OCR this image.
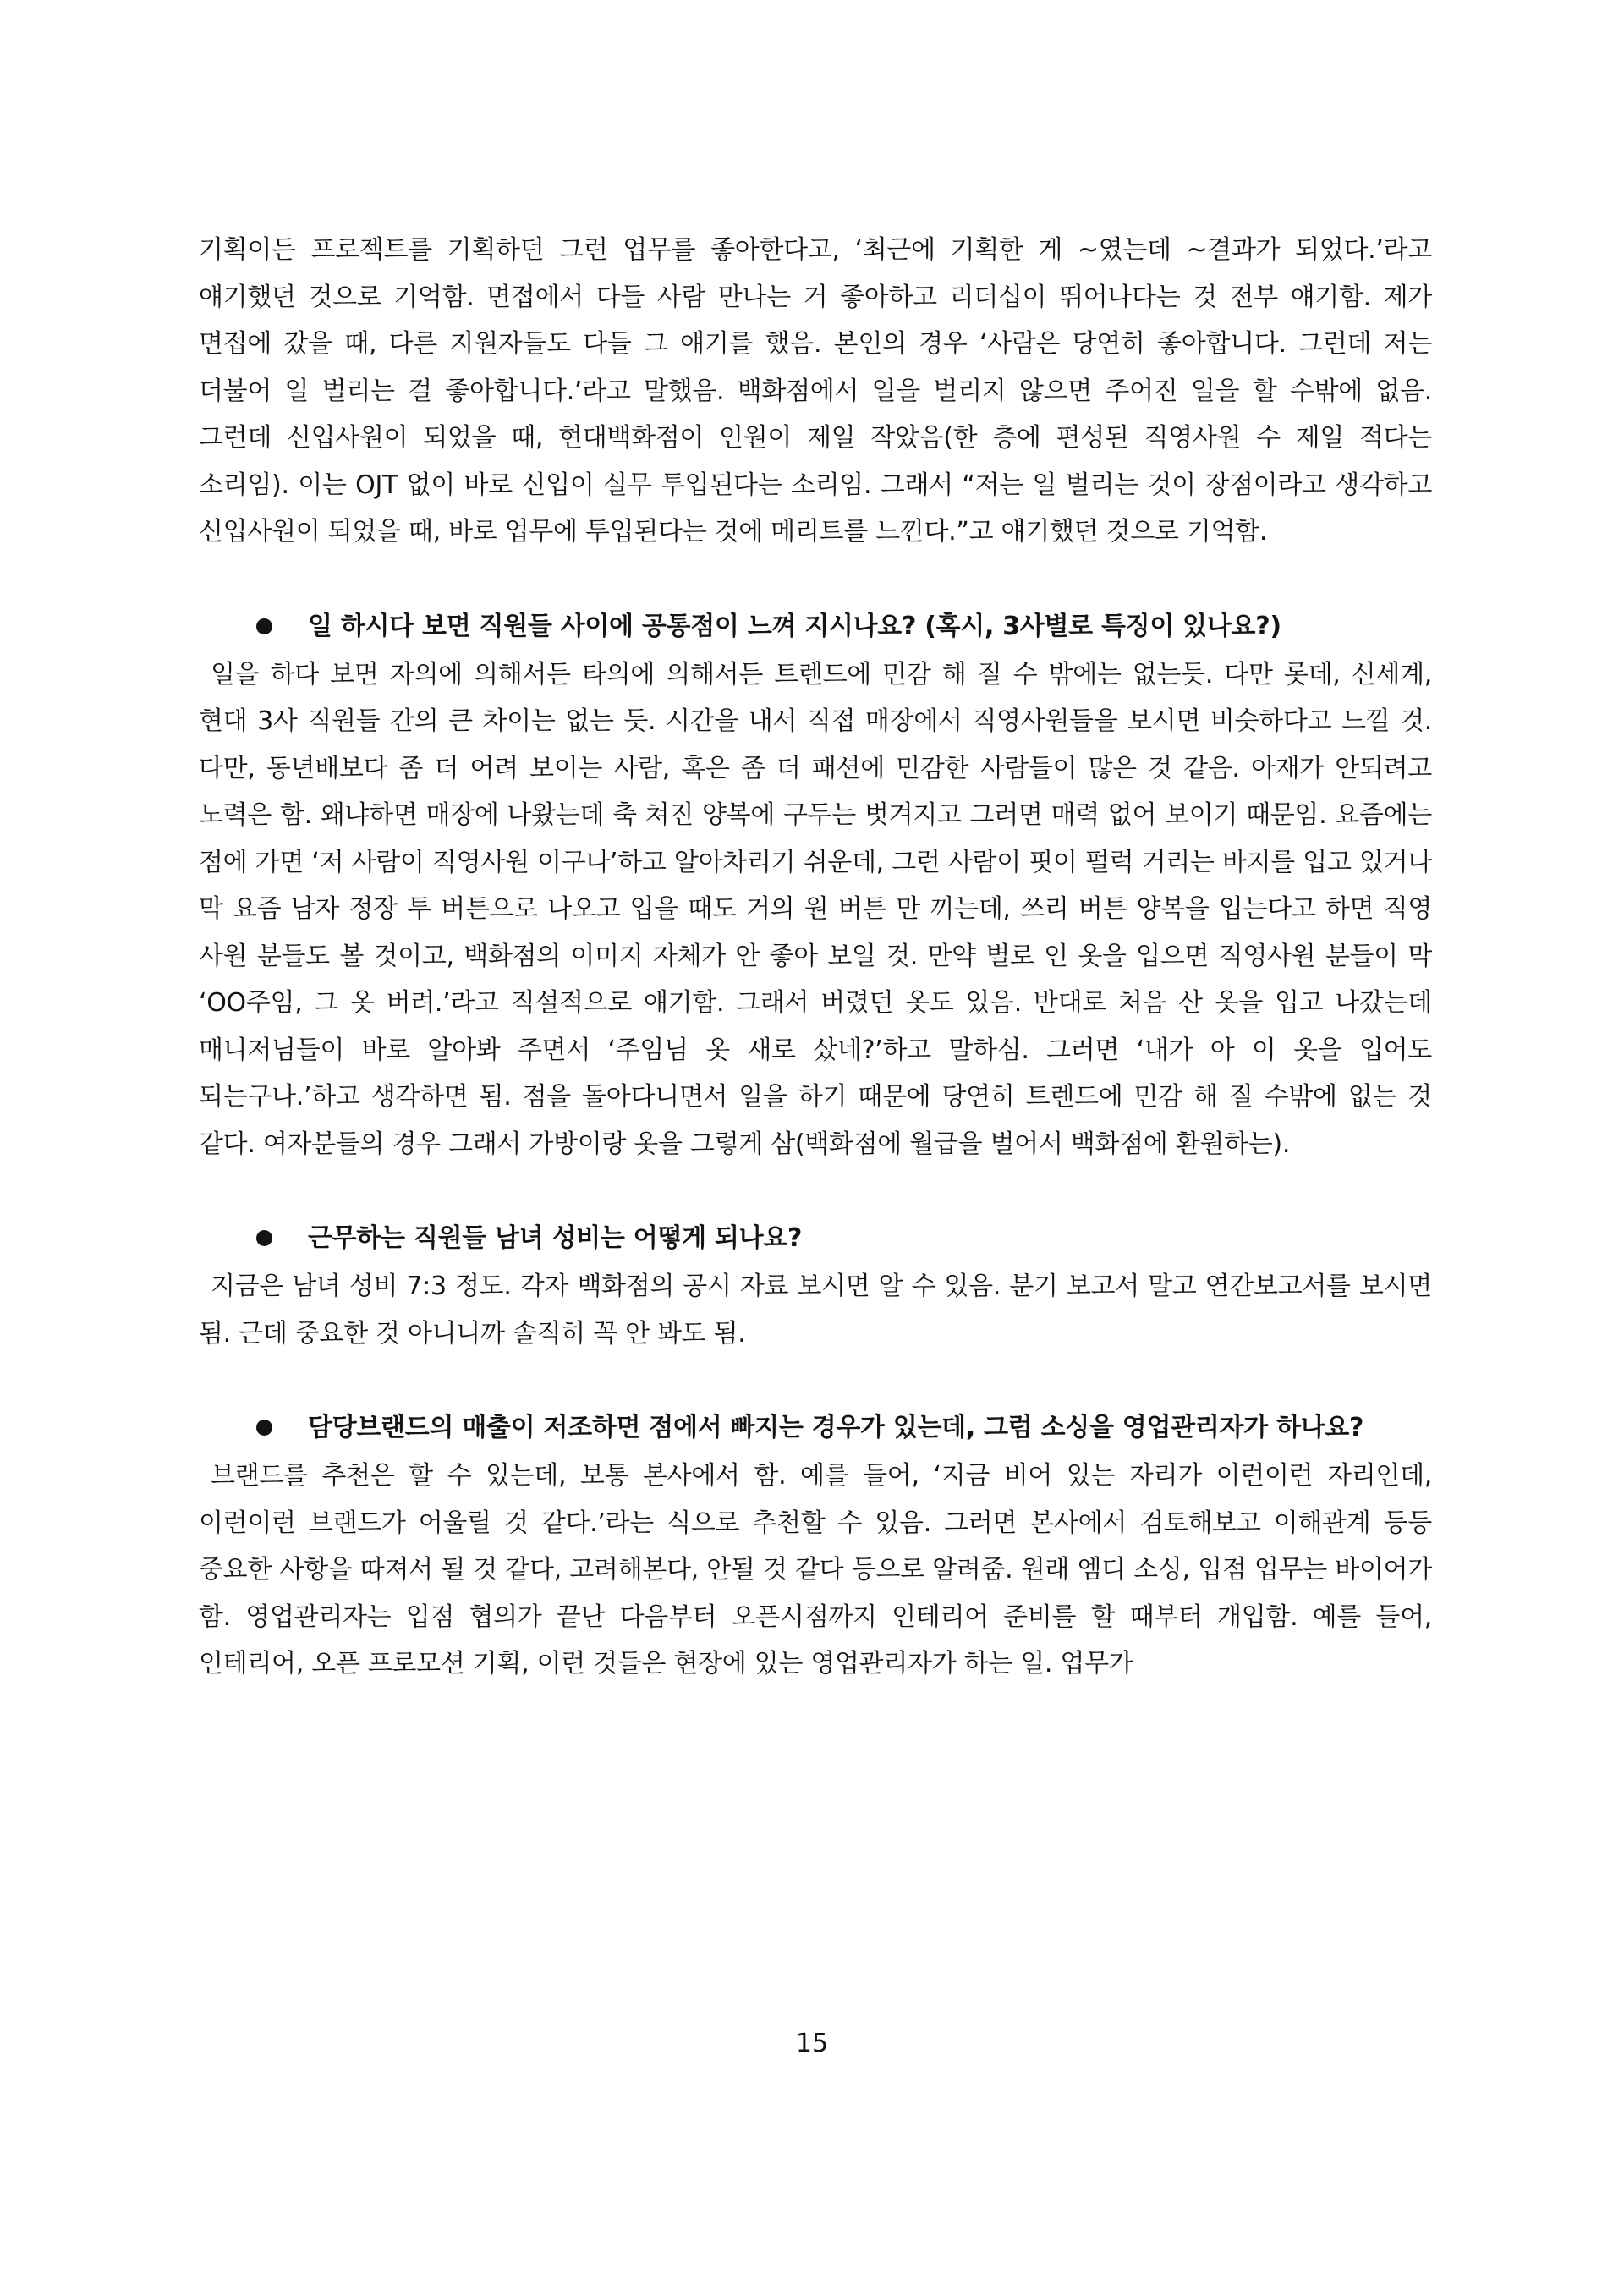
기획이든 프로젝트를 기획하던 그런 업무를 좋아한다고, ‘최근에 기획한 게 ~였는데 ~결과가 되었다.’라고 얘기했던 것으로 기억함. 면접에서 다들 사람 만나는 거 좋아하고 리더십이 뛰어나다는 것 전부 얘기함. 제가 면접에 갔을 때, 다른 지원자들도 다들 그 얘기를 했음. 본인의 경우 ‘사람은 당연히 좋아합니다. 그런데 저는 더불어 일 벌리는 걸 좋아합니다.’라고 말했음. 백화점에서 일을 벌리지 않으면 주어진 일을 할 수밖에 없음. 그런데 신입사원이 되었을 때, 현대백화점이 인원이 제일 작았음(한 층에 편성된 직영사원 수 제일 적다는 소리임). 이는 OJT 없이 바로 신입이 실무 투입된다는 소리임. 그래서 “저는 일 벌리는 것이 장점이라고 생각하고 신입사원이 되었을 때, 바로 업무에 투입된다는 것에 메리트를 느낀다.”고 얘기했던 것으로 기억함.

일 하시다 보면 직원들 사이에 공통점이 느껴 지시나요? (혹시, 3사별로 특징이 있나요?)

일을 하다 보면 자의에 의해서든 타의에 의해서든 트렌드에 민감 해 질 수 밖에는 없는듯. 다만 롯데, 신세계, 현대 3사 직원들 간의 큰 차이는 없는 듯. 시간을 내서 직접 매장에서 직영사원들을 보시면 비슷하다고 느낄 것. 다만, 동년배보다 좀 더 어려 보이는 사람, 혹은 좀 더 패션에 민감한 사람들이 많은 것 같음. 아재가 안되려고 노력은 함. 왜냐하면 매장에 나왔는데 축 쳐진 양복에 구두는 벗겨지고 그러면 매력 없어 보이기 때문임. 요즘에는 점에 가면 ‘저 사람이 직영사원 이구나’하고 알아차리기 쉬운데, 그런 사람이 핏이 펄럭 거리는 바지를 입고 있거나 막 요즘 남자 정장 투 버튼으로 나오고 입을 때도 거의 원 버튼 만 끼는데, 쓰리 버튼 양복을 입는다고 하면 직영 사원 분들도 볼 것이고, 백화점의 이미지 자체가 안 좋아 보일 것. 만약 별로 인 옷을 입으면 직영사원 분들이 막 ‘OO주임, 그 옷 버려.’라고 직설적으로 얘기함. 그래서 버렸던 옷도 있음. 반대로 처음 산 옷을 입고 나갔는데 매니저님들이 바로 알아봐 주면서 ‘주임님 옷 새로 샀네?’하고 말하심. 그러면 ‘내가 아 이 옷을 입어도 되는구나.’하고 생각하면 됨. 점을 돌아다니면서 일을 하기 때문에 당연히 트렌드에 민감 해 질 수밖에 없는 것 같다. 여자분들의 경우 그래서 가방이랑 옷을 그렇게 삼(백화점에 월급을 벌어서 백화점에 환원하는).

근무하는 직원들 남녀 성비는 어떻게 되나요?

지금은 남녀 성비 7:3 정도. 각자 백화점의 공시 자료 보시면 알 수 있음. 분기 보고서 말고 연간보고서를 보시면 됨. 근데 중요한 것 아니니까 솔직히 꼭 안 봐도 됨.

담당브랜드의 매출이 저조하면 점에서 빠지는 경우가 있는데, 그럼 소싱을 영업관리자가 하나요?

브랜드를 추천은 할 수 있는데, 보통 본사에서 함. 예를 들어, ‘지금 비어 있는 자리가 이런이런 자리인데, 이런이런 브랜드가 어울릴 것 같다.’라는 식으로 추천할 수 있음. 그러면 본사에서 검토해보고 이해관계 등등 중요한 사항을 따져서 될 것 같다, 고려해본다, 안될 것 같다 등으로 알려줌. 원래 엠디 소싱, 입점 업무는 바이어가 함. 영업관리자는 입점 협의가 끝난 다음부터 오픈시점까지 인테리어 준비를 할 때부터 개입함. 예를 들어, 인테리어, 오픈 프로모션 기획, 이런 것들은 현장에 있는 영업관리자가 하는 일. 업무가

15
